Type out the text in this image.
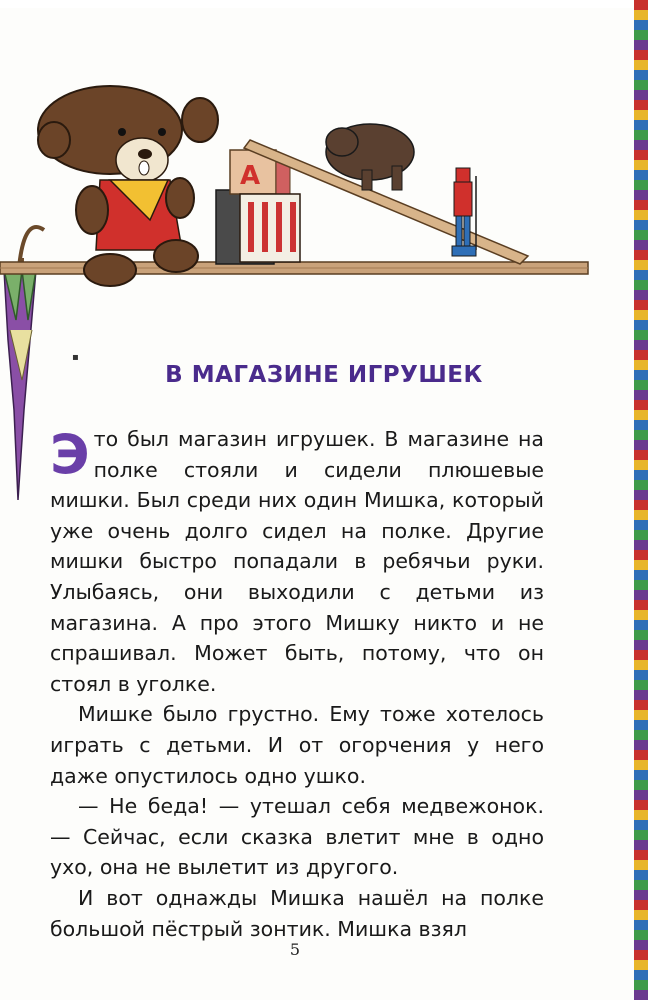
A
▪
В МАГАЗИНЕ ИГРУШЕК

Это был магазин игрушек. В магазине на полке стояли и сидели плюшевые мишки. Был среди них один Мишка, который уже очень долго сидел на полке. Другие мишки быстро попадали в ребячьи руки. Улыбаясь, они выходили с детьми из магазина. А про этого Мишку никто и не спрашивал. Может быть, потому, что он стоял в уголке.

Мишке было грустно. Ему тоже хотелось играть с детьми. И от огорчения у него даже опустилось одно ушко.

— Не беда! — утешал себя медвежонок. — Сейчас, если сказка влетит мне в одно ухо, она не вылетит из другого.

И вот однажды Мишка нашёл на полке большой пёстрый зонтик. Мишка взял

5
